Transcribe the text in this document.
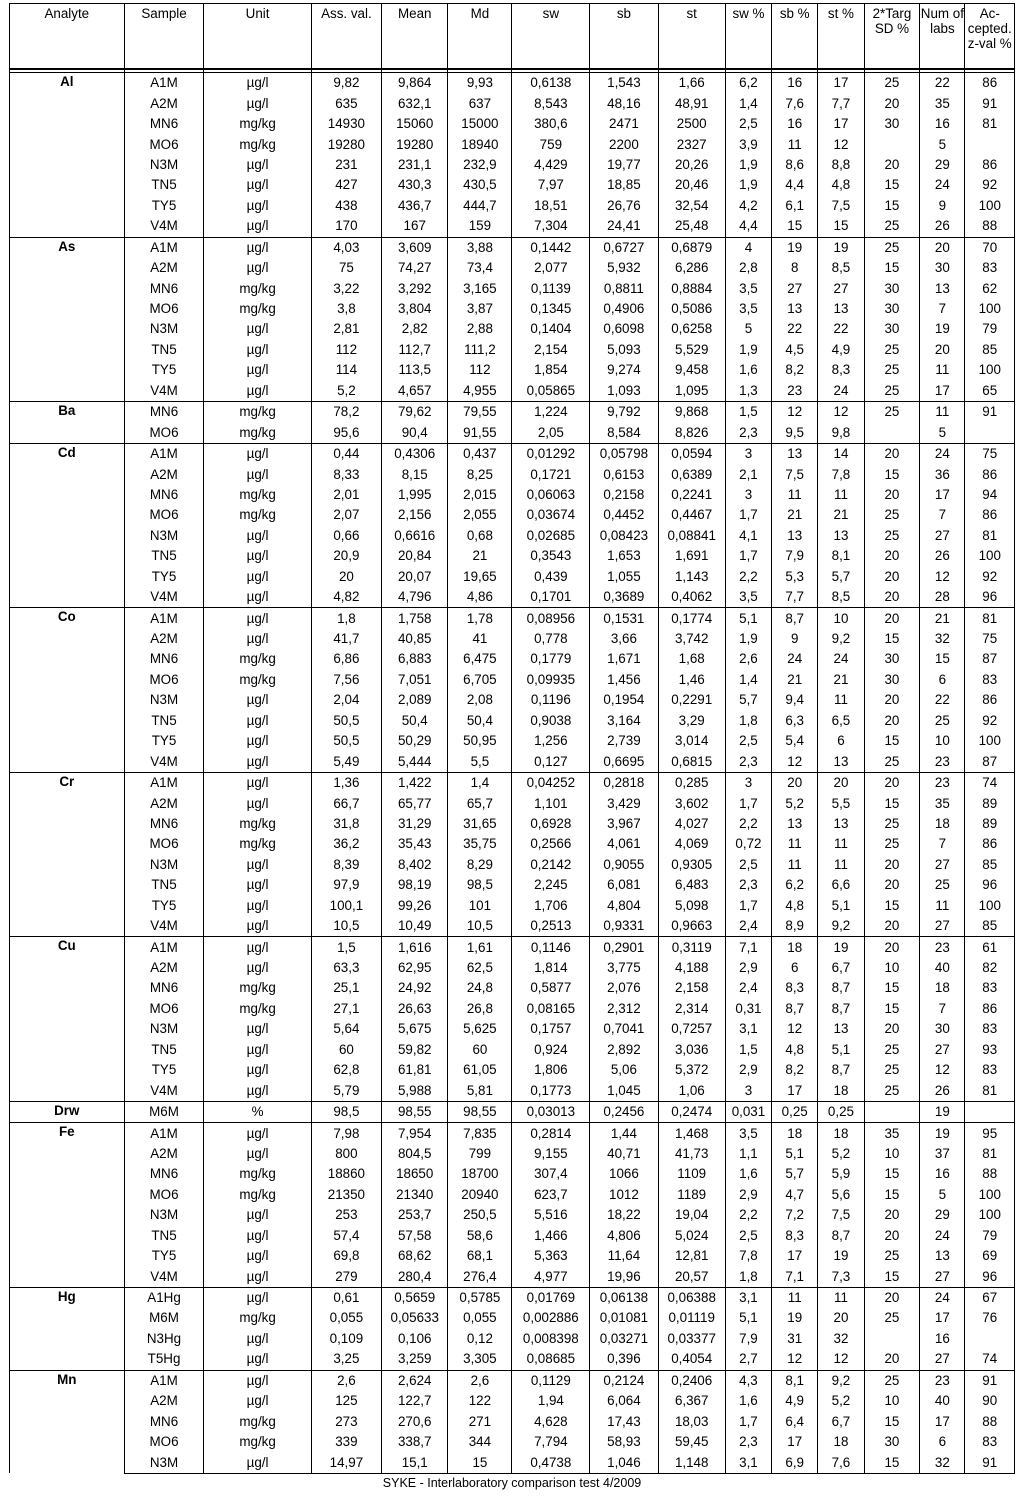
Analyte	Sample	Unit	Ass. val.	Mean	Md	sw	sb	st	sw %	sb %	st %	2*Targ SD %	Num of labs	Ac-cepted. z-val %

Al	A1M	µg/l	9,82	9,864	9,93	0,6138	1,543	1,66	6,2	16	17	25	22	86
	A2M	µg/l	635	632,1	637	8,543	48,16	48,91	1,4	7,6	7,7	20	35	91
	MN6	mg/kg	14930	15060	15000	380,6	2471	2500	2,5	16	17	30	16	81
	MO6	mg/kg	19280	19280	18940	759	2200	2327	3,9	11	12		5	
	N3M	µg/l	231	231,1	232,9	4,429	19,77	20,26	1,9	8,6	8,8	20	29	86
	TN5	µg/l	427	430,3	430,5	7,97	18,85	20,46	1,9	4,4	4,8	15	24	92
	TY5	µg/l	438	436,7	444,7	18,51	26,76	32,54	4,2	6,1	7,5	15	9	100
	V4M	µg/l	170	167	159	7,304	24,41	25,48	4,4	15	15	25	26	88
As	A1M	µg/l	4,03	3,609	3,88	0,1442	0,6727	0,6879	4	19	19	25	20	70
	A2M	µg/l	75	74,27	73,4	2,077	5,932	6,286	2,8	8	8,5	15	30	83
	MN6	mg/kg	3,22	3,292	3,165	0,1139	0,8811	0,8884	3,5	27	27	30	13	62
	MO6	mg/kg	3,8	3,804	3,87	0,1345	0,4906	0,5086	3,5	13	13	30	7	100
	N3M	µg/l	2,81	2,82	2,88	0,1404	0,6098	0,6258	5	22	22	30	19	79
	TN5	µg/l	112	112,7	111,2	2,154	5,093	5,529	1,9	4,5	4,9	25	20	85
	TY5	µg/l	114	113,5	112	1,854	9,274	9,458	1,6	8,2	8,3	25	11	100
	V4M	µg/l	5,2	4,657	4,955	0,05865	1,093	1,095	1,3	23	24	25	17	65
Ba	MN6	mg/kg	78,2	79,62	79,55	1,224	9,792	9,868	1,5	12	12	25	11	91
	MO6	mg/kg	95,6	90,4	91,55	2,05	8,584	8,826	2,3	9,5	9,8		5	
Cd	A1M	µg/l	0,44	0,4306	0,437	0,01292	0,05798	0,0594	3	13	14	20	24	75
	A2M	µg/l	8,33	8,15	8,25	0,1721	0,6153	0,6389	2,1	7,5	7,8	15	36	86
	MN6	mg/kg	2,01	1,995	2,015	0,06063	0,2158	0,2241	3	11	11	20	17	94
	MO6	mg/kg	2,07	2,156	2,055	0,03674	0,4452	0,4467	1,7	21	21	25	7	86
	N3M	µg/l	0,66	0,6616	0,68	0,02685	0,08423	0,08841	4,1	13	13	25	27	81
	TN5	µg/l	20,9	20,84	21	0,3543	1,653	1,691	1,7	7,9	8,1	20	26	100
	TY5	µg/l	20	20,07	19,65	0,439	1,055	1,143	2,2	5,3	5,7	20	12	92
	V4M	µg/l	4,82	4,796	4,86	0,1701	0,3689	0,4062	3,5	7,7	8,5	20	28	96
Co	A1M	µg/l	1,8	1,758	1,78	0,08956	0,1531	0,1774	5,1	8,7	10	20	21	81
	A2M	µg/l	41,7	40,85	41	0,778	3,66	3,742	1,9	9	9,2	15	32	75
	MN6	mg/kg	6,86	6,883	6,475	0,1779	1,671	1,68	2,6	24	24	30	15	87
	MO6	mg/kg	7,56	7,051	6,705	0,09935	1,456	1,46	1,4	21	21	30	6	83
	N3M	µg/l	2,04	2,089	2,08	0,1196	0,1954	0,2291	5,7	9,4	11	20	22	86
	TN5	µg/l	50,5	50,4	50,4	0,9038	3,164	3,29	1,8	6,3	6,5	20	25	92
	TY5	µg/l	50,5	50,29	50,95	1,256	2,739	3,014	2,5	5,4	6	15	10	100
	V4M	µg/l	5,49	5,444	5,5	0,127	0,6695	0,6815	2,3	12	13	25	23	87
Cr	A1M	µg/l	1,36	1,422	1,4	0,04252	0,2818	0,285	3	20	20	20	23	74
	A2M	µg/l	66,7	65,77	65,7	1,101	3,429	3,602	1,7	5,2	5,5	15	35	89
	MN6	mg/kg	31,8	31,29	31,65	0,6928	3,967	4,027	2,2	13	13	25	18	89
	MO6	mg/kg	36,2	35,43	35,75	0,2566	4,061	4,069	0,72	11	11	25	7	86
	N3M	µg/l	8,39	8,402	8,29	0,2142	0,9055	0,9305	2,5	11	11	20	27	85
	TN5	µg/l	97,9	98,19	98,5	2,245	6,081	6,483	2,3	6,2	6,6	20	25	96
	TY5	µg/l	100,1	99,26	101	1,706	4,804	5,098	1,7	4,8	5,1	15	11	100
	V4M	µg/l	10,5	10,49	10,5	0,2513	0,9331	0,9663	2,4	8,9	9,2	20	27	85
Cu	A1M	µg/l	1,5	1,616	1,61	0,1146	0,2901	0,3119	7,1	18	19	20	23	61
	A2M	µg/l	63,3	62,95	62,5	1,814	3,775	4,188	2,9	6	6,7	10	40	82
	MN6	mg/kg	25,1	24,92	24,8	0,5877	2,076	2,158	2,4	8,3	8,7	15	18	83
	MO6	mg/kg	27,1	26,63	26,8	0,08165	2,312	2,314	0,31	8,7	8,7	15	7	86
	N3M	µg/l	5,64	5,675	5,625	0,1757	0,7041	0,7257	3,1	12	13	20	30	83
	TN5	µg/l	60	59,82	60	0,924	2,892	3,036	1,5	4,8	5,1	25	27	93
	TY5	µg/l	62,8	61,81	61,05	1,806	5,06	5,372	2,9	8,2	8,7	25	12	83
	V4M	µg/l	5,79	5,988	5,81	0,1773	1,045	1,06	3	17	18	25	26	81
Drw	M6M	%	98,5	98,55	98,55	0,03013	0,2456	0,2474	0,031	0,25	0,25		19	
Fe	A1M	µg/l	7,98	7,954	7,835	0,2814	1,44	1,468	3,5	18	18	35	19	95
	A2M	µg/l	800	804,5	799	9,155	40,71	41,73	1,1	5,1	5,2	10	37	81
	MN6	mg/kg	18860	18650	18700	307,4	1066	1109	1,6	5,7	5,9	15	16	88
	MO6	mg/kg	21350	21340	20940	623,7	1012	1189	2,9	4,7	5,6	15	5	100
	N3M	µg/l	253	253,7	250,5	5,516	18,22	19,04	2,2	7,2	7,5	20	29	100
	TN5	µg/l	57,4	57,58	58,6	1,466	4,806	5,024	2,5	8,3	8,7	20	24	79
	TY5	µg/l	69,8	68,62	68,1	5,363	11,64	12,81	7,8	17	19	25	13	69
	V4M	µg/l	279	280,4	276,4	4,977	19,96	20,57	1,8	7,1	7,3	15	27	96
Hg	A1Hg	µg/l	0,61	0,5659	0,5785	0,01769	0,06138	0,06388	3,1	11	11	20	24	67
	M6M	mg/kg	0,055	0,05633	0,055	0,002886	0,01081	0,01119	5,1	19	20	25	17	76
	N3Hg	µg/l	0,109	0,106	0,12	0,008398	0,03271	0,03377	7,9	31	32		16	
	T5Hg	µg/l	3,25	3,259	3,305	0,08685	0,396	0,4054	2,7	12	12	20	27	74
Mn	A1M	µg/l	2,6	2,624	2,6	0,1129	0,2124	0,2406	4,3	8,1	9,2	25	23	91
	A2M	µg/l	125	122,7	122	1,94	6,064	6,367	1,6	4,9	5,2	10	40	90
	MN6	mg/kg	273	270,6	271	4,628	17,43	18,03	1,7	6,4	6,7	15	17	88
	MO6	mg/kg	339	338,7	344	7,794	58,93	59,45	2,3	17	18	30	6	83
	N3M	µg/l	14,97	15,1	15	0,4738	1,046	1,148	3,1	6,9	7,6	15	32	91
SYKE - Interlaboratory comparison test 4/2009
